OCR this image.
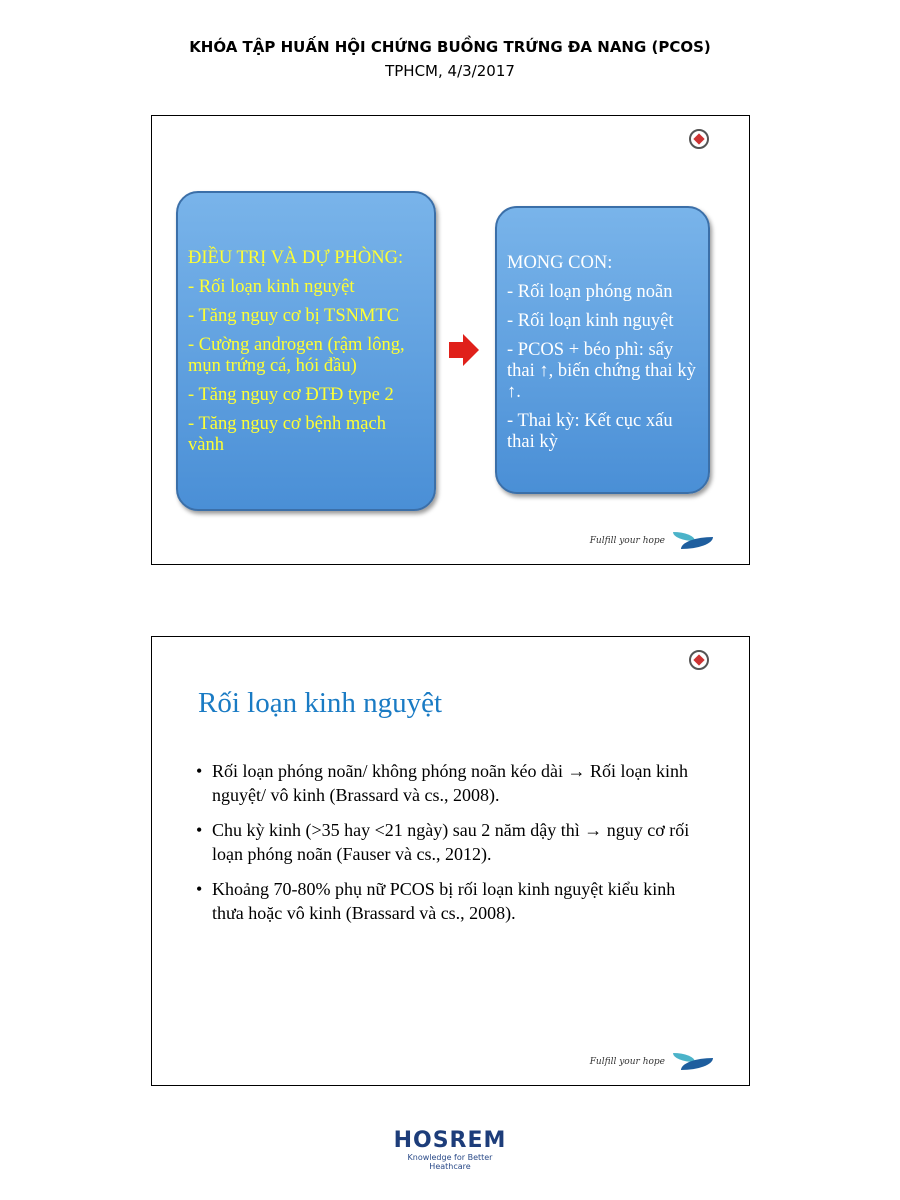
KHÓA TẬP HUẤN HỘI CHỨNG BUỒNG TRỨNG ĐA NANG (PCOS)
TPHCM, 4/3/2017
ĐIỀU TRỊ VÀ DỰ PHÒNG:
- Rối loạn kinh nguyệt
- Tăng nguy cơ bị TSNMTC
- Cường androgen (rậm lông, mụn trứng cá, hói đầu)
- Tăng nguy cơ ĐTĐ type 2
- Tăng nguy cơ bệnh mạch vành
MONG CON:
- Rối loạn phóng noãn
- Rối loạn kinh nguyệt
- PCOS + béo phì: sẩy thai ↑, biến chứng thai kỳ ↑.
- Thai kỳ: Kết cục xấu thai kỳ
Fulfill your hope
Rối loạn kinh nguyệt
• Rối loạn phóng noãn/ không phóng noãn kéo dài → Rối loạn kinh nguyệt/ vô kinh (Brassard và cs., 2008).
• Chu kỳ kinh (>35 hay <21 ngày) sau 2 năm dậy thì → nguy cơ rối loạn phóng noãn (Fauser và cs., 2012).
• Khoảng 70-80% phụ nữ PCOS bị rối loạn kinh nguyệt kiểu kinh thưa hoặc vô kinh (Brassard và cs., 2008).
Fulfill your hope
HOSREM
Knowledge for Better Heathcare
